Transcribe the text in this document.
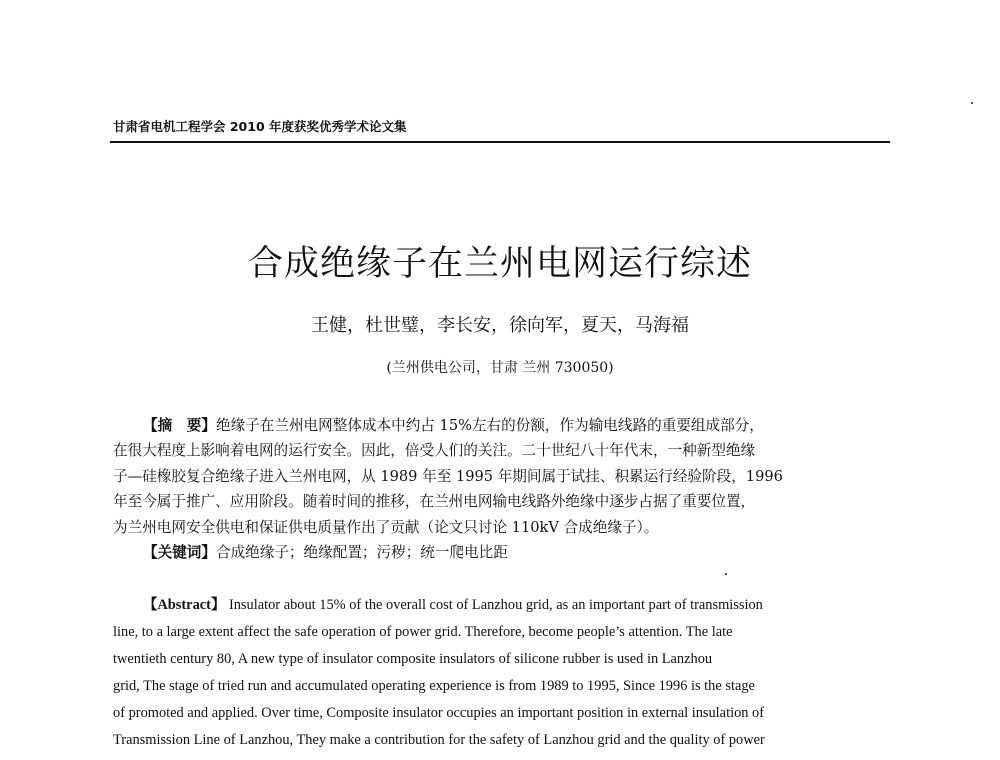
甘肃省电机工程学会 2010 年度获奖优秀学术论文集
合成绝缘子在兰州电网运行综述
王健，杜世璧，李长安，徐向军，夏天，马海福
(兰州供电公司，甘肃 兰州 730050)
【摘　要】绝缘子在兰州电网整体成本中约占 15%左右的份额，作为输电线路的重要组成部分，
在很大程度上影响着电网的运行安全。因此，倍受人们的关注。二十世纪八十年代末，一种新型绝缘
子—硅橡胶复合绝缘子进入兰州电网，从 1989 年至 1995 年期间属于试挂、积累运行经验阶段，1996
年至今属于推广、应用阶段。随着时间的推移，在兰州电网输电线路外绝缘中逐步占据了重要位置，
为兰州电网安全供电和保证供电质量作出了贡献（论文只讨论 110kV 合成绝缘子）。
【关键词】合成绝缘子；绝缘配置；污秽；统一爬电比距
【Abstract】 Insulator about 15% of the overall cost of Lanzhou grid, as an important part of transmission
line, to a large extent affect the safe operation of power grid. Therefore, become people’s attention. The late
twentieth century 80, A new type of insulator composite insulators of silicone rubber is used in Lanzhou
grid, The stage of tried run and accumulated operating experience is from 1989 to 1995, Since 1996 is the stage
of promoted and applied. Over time, Composite insulator occupies an important position in external insulation of
Transmission Line of Lanzhou, They make a contribution for the safety of Lanzhou grid and the quality of power
